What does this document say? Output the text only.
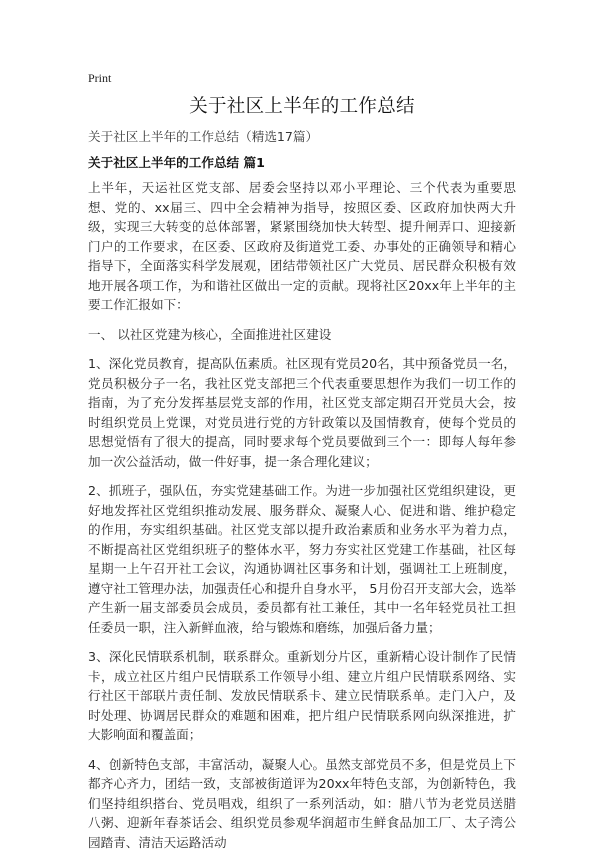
Print
关于社区上半年的工作总结
关于社区上半年的工作总结（精选17篇）
关于社区上半年的工作总结 篇1

上半年，天运社区党支部、居委会坚持以邓小平理论、三个代表为重要思想、党的、xx届三、四中全会精神为指导，按照区委、区政府加快两大升级，实现三大转变的总体部署，紧紧围绕加快大转型、提升闸弄口、迎接新门户的工作要求，在区委、区政府及街道党工委、办事处的正确领导和精心指导下，全面落实科学发展观，团结带领社区广大党员、居民群众积极有效地开展各项工作，为和谐社区做出一定的贡献。现将社区20xx年上半年的主要工作汇报如下：

一、 以社区党建为核心，全面推进社区建设

1、深化党员教育，提高队伍素质。社区现有党员20名，其中预备党员一名，党员积极分子一名，我社区党支部把三个代表重要思想作为我们一切工作的指南，为了充分发挥基层党支部的作用，社区党支部定期召开党员大会，按时组织党员上党课，对党员进行党的方针政策以及国情教育，使每个党员的思想觉悟有了很大的提高，同时要求每个党员要做到三个一：即每人每年参加一次公益活动，做一件好事，提一条合理化建议；

2、抓班子，强队伍，夯实党建基础工作。为进一步加强社区党组织建设，更好地发挥社区党组织推动发展、服务群众、凝聚人心、促进和谐、维护稳定的作用，夯实组织基础。社区党支部以提升政治素质和业务水平为着力点，不断提高社区党组织班子的整体水平，努力夯实社区党建工作基础，社区每星期一上午召开社工会议，沟通协调社区事务和计划，强调社工上班制度，遵守社工管理办法，加强责任心和提升自身水平， 5月份召开支部大会，选举产生新一届支部委员会成员，委员都有社工兼任，其中一名年轻党员社工担任委员一职，注入新鲜血液，给与锻炼和磨练，加强后备力量；

3、深化民情联系机制，联系群众。重新划分片区，重新精心设计制作了民情卡，成立社区片组户民情联系工作领导小组、建立片组户民情联系网络、实行社区干部联片责任制、发放民情联系卡、建立民情联系单。走门入户，及时处理、协调居民群众的难题和困难，把片组户民情联系网向纵深推进，扩大影响面和覆盖面；

4、创新特色支部，丰富活动，凝聚人心。虽然支部党员不多，但是党员上下都齐心齐力，团结一致，支部被街道评为20xx年特色支部，为创新特色，我们坚持组织搭台、党员唱戏，组织了一系列活动，如：腊八节为老党员送腊八粥、迎新年春茶话会、组织党员参观华润超市生鲜食品加工厂、太子湾公园踏青、清洁天运路活动
